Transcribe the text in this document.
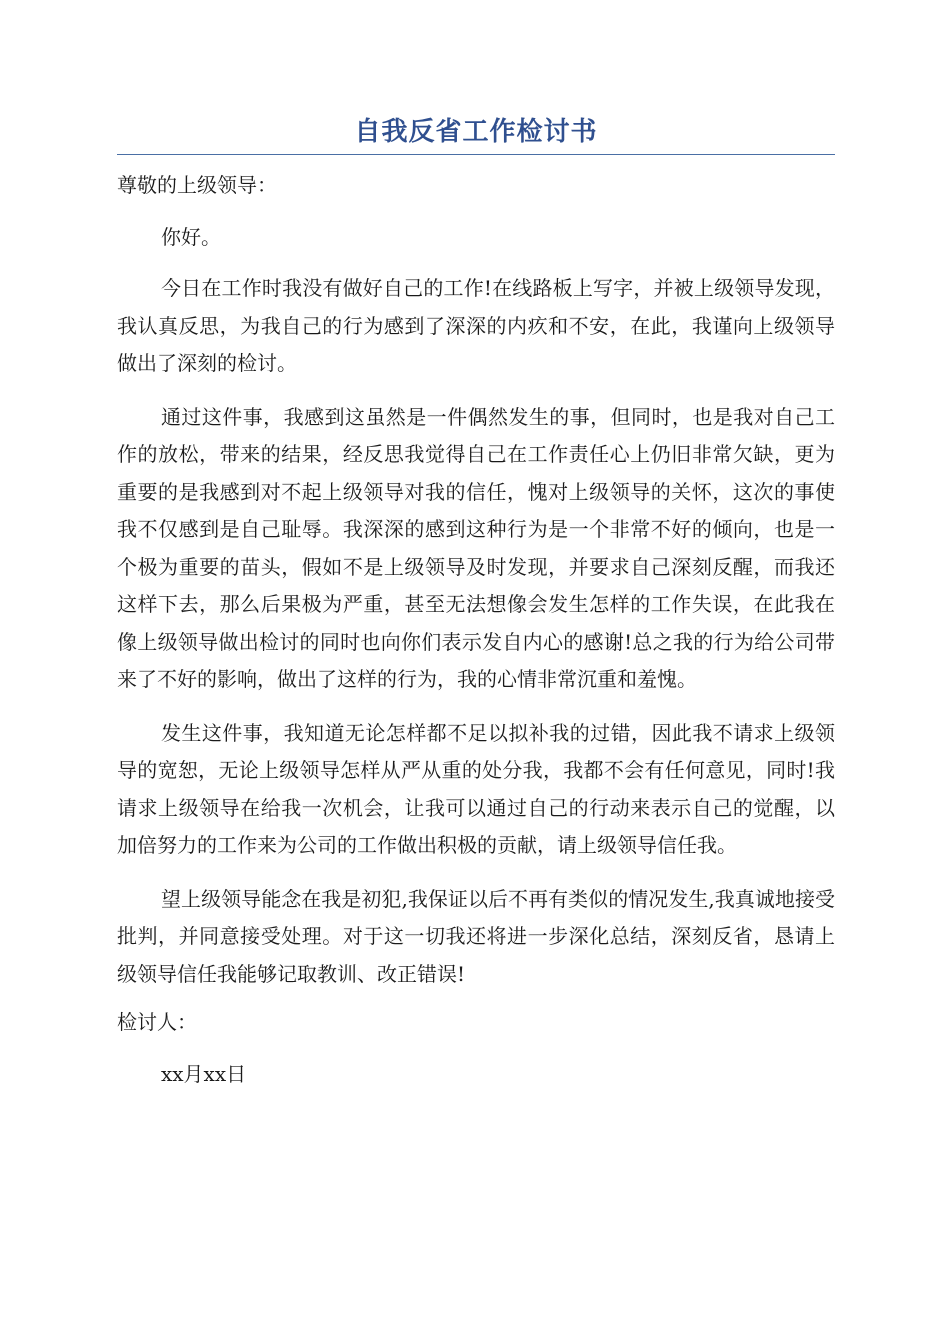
自我反省工作检讨书

尊敬的上级领导：

你好。

今日在工作时我没有做好自己的工作!在线路板上写字，并被上级领导发现，我认真反思，为我自己的行为感到了深深的内疚和不安，在此，我谨向上级领导做出了深刻的检讨。

通过这件事，我感到这虽然是一件偶然发生的事，但同时，也是我对自己工作的放松，带来的结果，经反思我觉得自己在工作责任心上仍旧非常欠缺，更为重要的是我感到对不起上级领导对我的信任，愧对上级领导的关怀，这次的事使我不仅感到是自己耻辱。我深深的感到这种行为是一个非常不好的倾向，也是一个极为重要的苗头，假如不是上级领导及时发现，并要求自己深刻反醒，而我还这样下去，那么后果极为严重，甚至无法想像会发生怎样的工作失误，在此我在像上级领导做出检讨的同时也向你们表示发自内心的感谢!总之我的行为给公司带来了不好的影响，做出了这样的行为，我的心情非常沉重和羞愧。

发生这件事，我知道无论怎样都不足以拟补我的过错，因此我不请求上级领导的宽恕，无论上级领导怎样从严从重的处分我，我都不会有任何意见，同时!我请求上级领导在给我一次机会，让我可以通过自己的行动来表示自己的觉醒，以加倍努力的工作来为公司的工作做出积极的贡献，请上级领导信任我。

望上级领导能念在我是初犯,我保证以后不再有类似的情况发生,我真诚地接受批判，并同意接受处理。对于这一切我还将进一步深化总结，深刻反省，恳请上级领导信任我能够记取教训、改正错误!

检讨人：

xx月xx日
